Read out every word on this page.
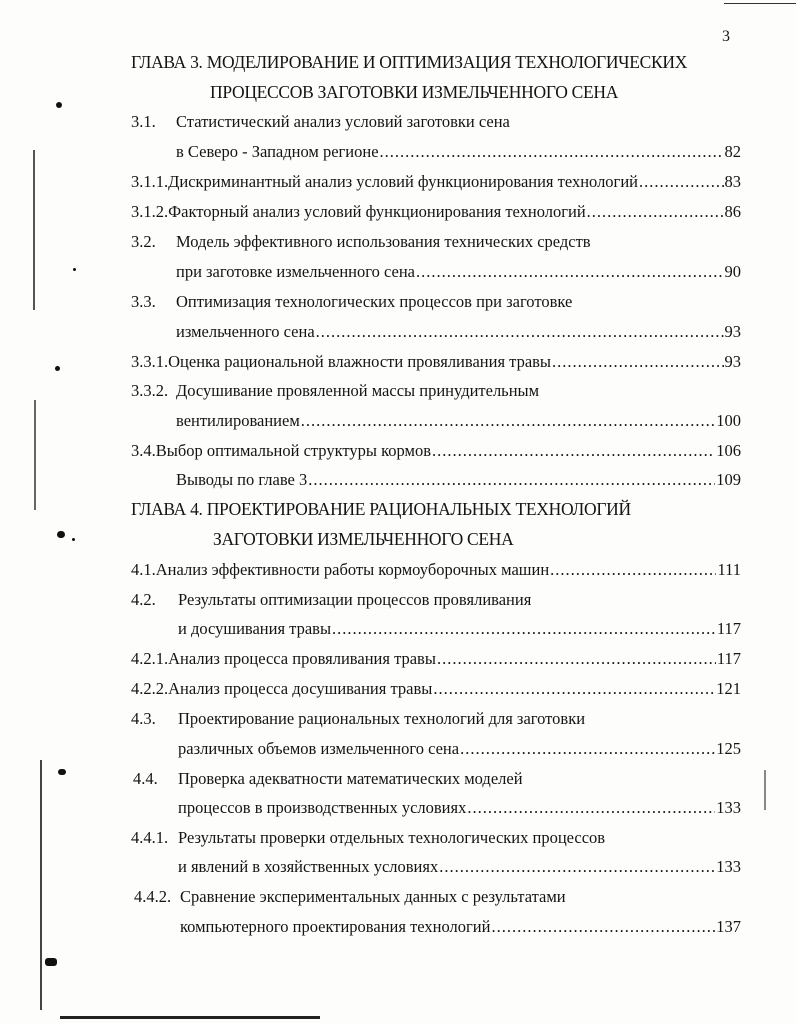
3
ГЛАВА 3. МОДЕЛИРОВАНИЕ И ОПТИМИЗАЦИЯ ТЕХНОЛОГИЧЕСКИХ
ПРОЦЕССОВ ЗАГОТОВКИ ИЗМЕЛЬЧЕННОГО СЕНА
3.1.	Статистический анализ условий заготовки сена
в Северо - Западном регионе .....	82
3.1.1. Дискриминантный анализ условий функционирования технологий .....	83
3.1.2. Факторный анализ условий функционирования технологий .....	86
3.2.	Модель эффективного использования технических средств
при заготовке измельченного сена .....	90
3.3.	Оптимизация технологических процессов при заготовке
измельченного сена .....	93
3.3.1. Оценка рациональной влажности провяливания травы .....	93
3.3.2. Досушивание провяленной массы принудительным
вентилированием .....	100
3.4. Выбор оптимальной структуры кормов .....	106
Выводы по главе 3 .....	109
ГЛАВА 4. ПРОЕКТИРОВАНИЕ РАЦИОНАЛЬНЫХ ТЕХНОЛОГИЙ
ЗАГОТОВКИ ИЗМЕЛЬЧЕННОГО СЕНА
4.1. Анализ эффективности работы кормоуборочных машин .....	111
4.2.	Результаты оптимизации процессов провяливания
и досушивания травы .....	117
4.2.1. Анализ процесса провяливания травы .....	117
4.2.2. Анализ процесса досушивания травы .....	121
4.3.	Проектирование рациональных технологий для заготовки
различных объемов измельченного сена .....	125
4.4.	Проверка адекватности математических моделей
процессов в производственных условиях .....	133
4.4.1. Результаты проверки отдельных технологических процессов
и явлений в хозяйственных условиях .....	133
4.4.2. Сравнение экспериментальных данных с результатами
компьютерного проектирования технологий .....	137
